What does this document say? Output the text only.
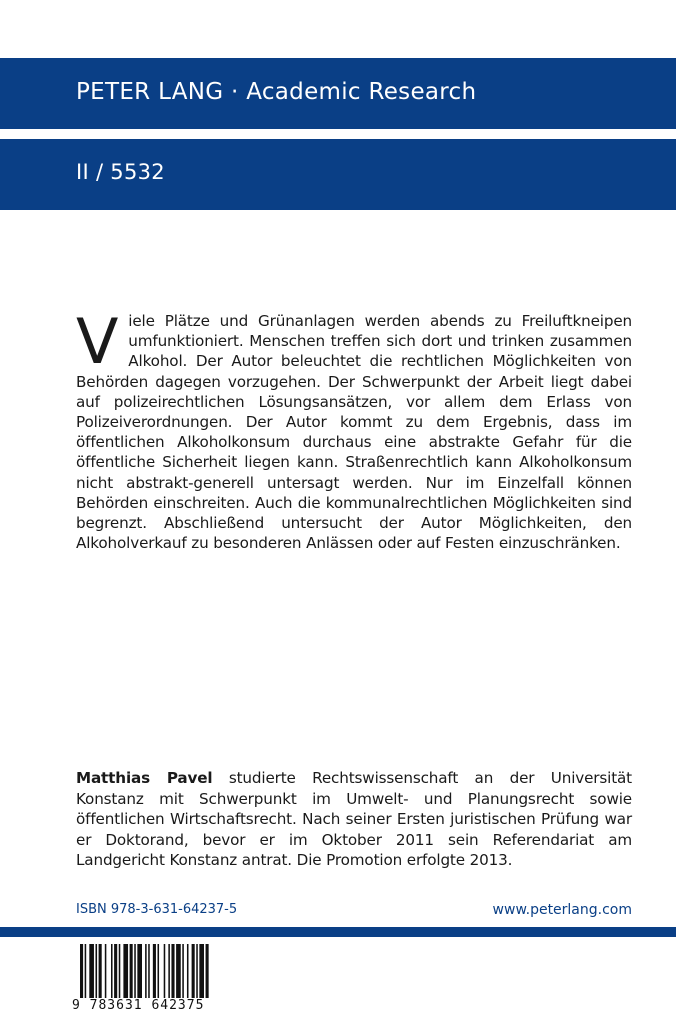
PETER LANG · Academic Research
II / 5532
Viele Plätze und Grünanlagen werden abends zu Freiluftkneipen umfunktioniert. Menschen treffen sich dort und trinken zusammen Alkohol. Der Autor beleuchtet die rechtlichen Möglichkeiten von Behörden dagegen vorzugehen. Der Schwerpunkt der Arbeit liegt dabei auf polizeirechtlichen Lösungsansätzen, vor allem dem Erlass von Polizeiverordnungen. Der Autor kommt zu dem Ergebnis, dass im öffentlichen Alkoholkonsum durchaus eine abstrakte Gefahr für die öffentliche Sicherheit liegen kann. Straßenrechtlich kann Alkoholkonsum nicht abstrakt-generell untersagt werden. Nur im Einzelfall können Behörden einschreiten. Auch die kommunalrechtlichen Möglichkeiten sind begrenzt. Abschließend untersucht der Autor Möglichkeiten, den Alkoholverkauf zu besonderen Anlässen oder auf Festen einzuschränken.
Matthias Pavel studierte Rechtswissenschaft an der Universität Konstanz mit Schwerpunkt im Umwelt- und Planungsrecht sowie öffentlichen Wirtschaftsrecht. Nach seiner Ersten juristischen Prüfung war er Doktorand, bevor er im Oktober 2011 sein Referendariat am Landgericht Konstanz antrat. Die Promotion erfolgte 2013.
ISBN 978-3-631-64237-5	www.peterlang.com
9 783631 642375
